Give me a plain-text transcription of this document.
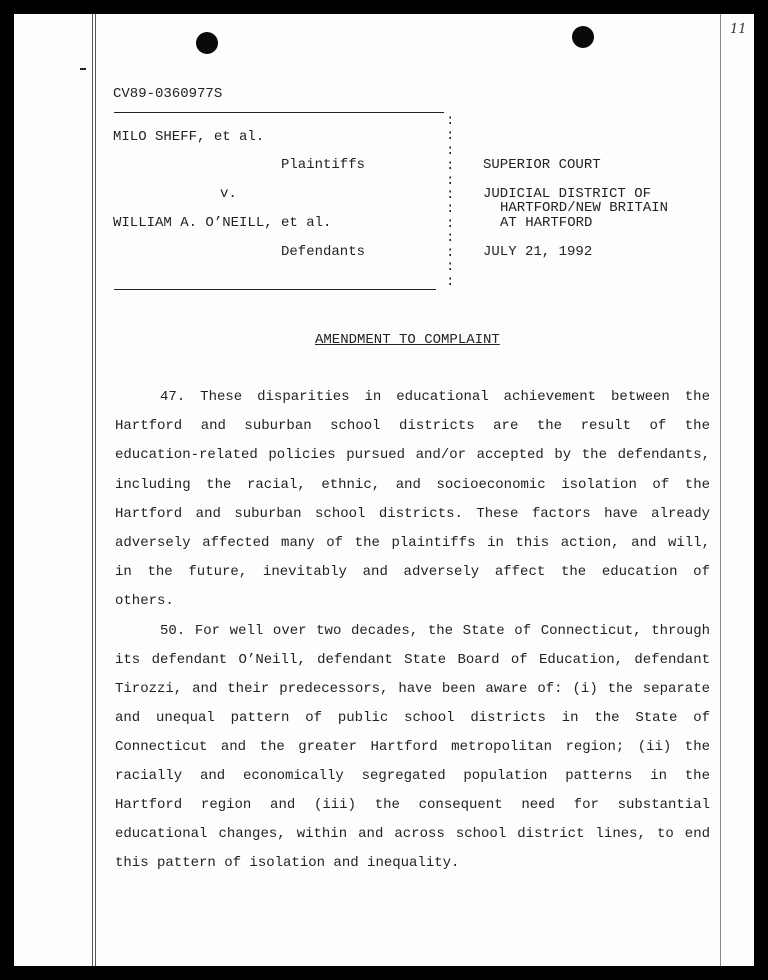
11
CV89-0360977S
MILO SHEFF, et al.
Plaintiffs
v.
WILLIAM A. O’NEILL, et al.
Defendants
:
:
:
:
:
:
:
:
:
:
:
:
SUPERIOR COURT
JUDICIAL DISTRICT OF
HARTFORD/NEW BRITAIN
AT HARTFORD
JULY 21, 1992
AMENDMENT TO COMPLAINT
47. These disparities in educational achievement between the
Hartford and suburban school districts are the result of the
education-related policies pursued and/or accepted by the defendants,
including the racial, ethnic, and socioeconomic isolation of the
Hartford and suburban school districts. These factors have already
adversely affected many of the plaintiffs in this action, and will,
in the future, inevitably and adversely affect the education of
others.
50. For well over two decades, the State of Connecticut, through
its defendant O’Neill, defendant State Board of Education, defendant
Tirozzi, and their predecessors, have been aware of: (i) the separate
and unequal pattern of public school districts in the State of
Connecticut and the greater Hartford metropolitan region; (ii) the
racially and economically segregated population patterns in the
Hartford region and (iii) the consequent need for substantial
educational changes, within and across school district lines, to end
this pattern of isolation and inequality.
